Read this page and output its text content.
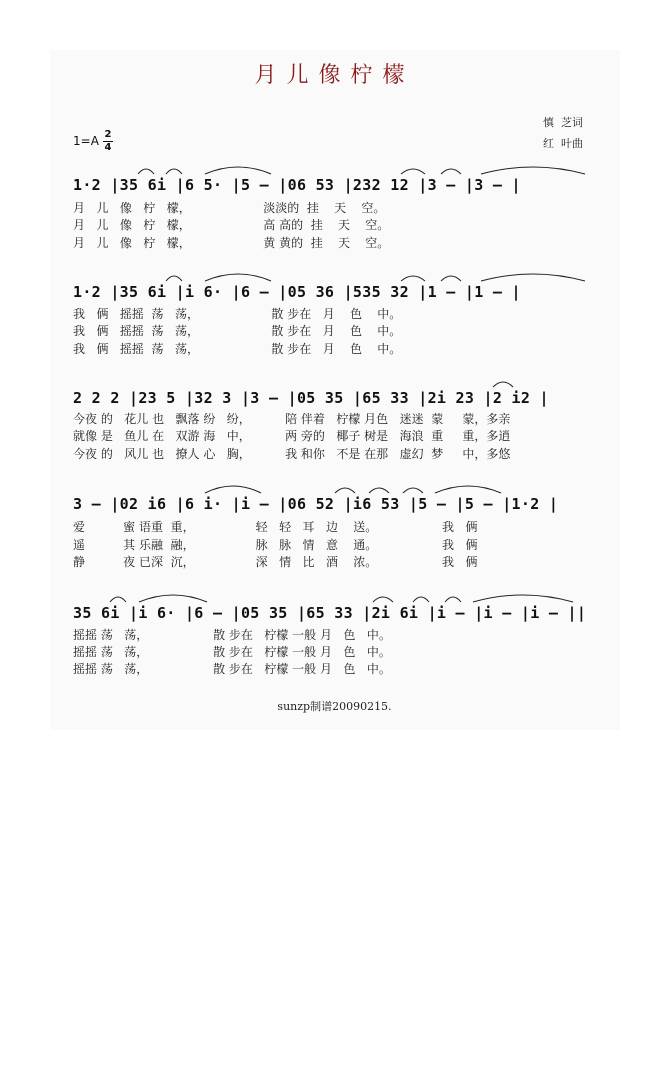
月儿像柠檬
慎  芝词
红  叶曲
1=A 2
4
1·2 |35 6i |6 5· |5 – |06 53 |232 12 |3 – |3 – |
月   儿   像   柠   檬，                   淡淡的  挂    天    空。
月   儿   像   柠   檬，                   高 高的  挂    天    空。
月   儿   像   柠   檬，                   黄 黄的  挂    天    空。
1·2 |35 6i |i 6· |6 – |05 36 |535 32 |1 – |1 – |
我   俩   摇摇  荡   荡，                   散 步在   月    色    中。
我   俩   摇摇  荡   荡，                   散 步在   月    色    中。
我   俩   摇摇  荡   荡，                   散 步在   月    色    中。
2 2 2 |23 5 |32 3 |3 – |05 35 |65 33 |2i 23 |2 i2 |
今夜 的   花儿 也   飘落 纷   纷，         陪 伴着   柠檬 月色   迷迷  蒙     蒙，多亲
就像 是   鱼儿 在   双游 海   中，         两 旁的   椰子 树是   海浪  重     重，多逍
今夜 的   风儿 也   撩人 心   胸，         我 和你   不是 在那   虚幻  梦     中，多悠
3 – |02 i6 |6 i· |i – |06 52 |i6 53 |5 – |5 – |1·2 |
爱          蜜 语重  重，                轻   轻   耳   边    送。                 我   俩
遥          其 乐融  融，                脉   脉   情   意    通。                 我   俩
静          夜 已深  沉，                深   情   比   酒    浓。                 我   俩
35 6i |i 6· |6 – |05 35 |65 33 |2i 6i |i – |i – |i – ||
摇摇 荡   荡，                 散 步在   柠檬 一般 月   色   中。
摇摇 荡   荡，                 散 步在   柠檬 一般 月   色   中。
摇摇 荡   荡，                 散 步在   柠檬 一般 月   色   中。
sunzp制谱20090215.
